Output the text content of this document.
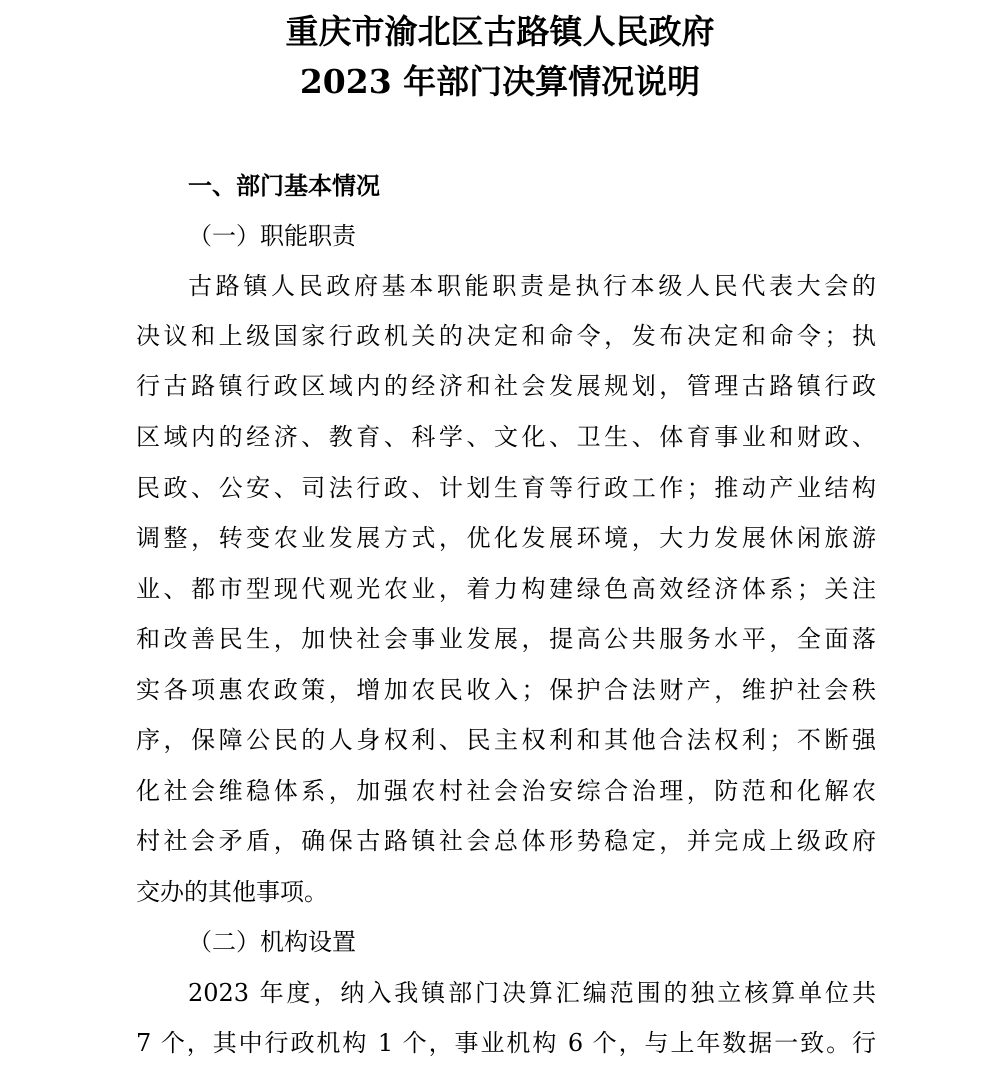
重庆市渝北区古路镇人民政府
2023 年部门决算情况说明
一、部门基本情况
（一）职能职责
古路镇人民政府基本职能职责是执行本级人民代表大会的
决议和上级国家行政机关的决定和命令，发布决定和命令；执
行古路镇行政区域内的经济和社会发展规划，管理古路镇行政
区域内的经济、教育、科学、文化、卫生、体育事业和财政、
民政、公安、司法行政、计划生育等行政工作；推动产业结构
调整，转变农业发展方式，优化发展环境，大力发展休闲旅游
业、都市型现代观光农业，着力构建绿色高效经济体系；关注
和改善民生，加快社会事业发展，提高公共服务水平，全面落
实各项惠农政策，增加农民收入；保护合法财产，维护社会秩
序，保障公民的人身权利、民主权利和其他合法权利；不断强
化社会维稳体系，加强农村社会治安综合治理，防范和化解农
村社会矛盾，确保古路镇社会总体形势稳定，并完成上级政府
交办的其他事项。
（二）机构设置
2023 年度，纳入我镇部门决算汇编范围的独立核算单位共
7 个，其中行政机构 1 个，事业机构 6 个，与上年数据一致。行
